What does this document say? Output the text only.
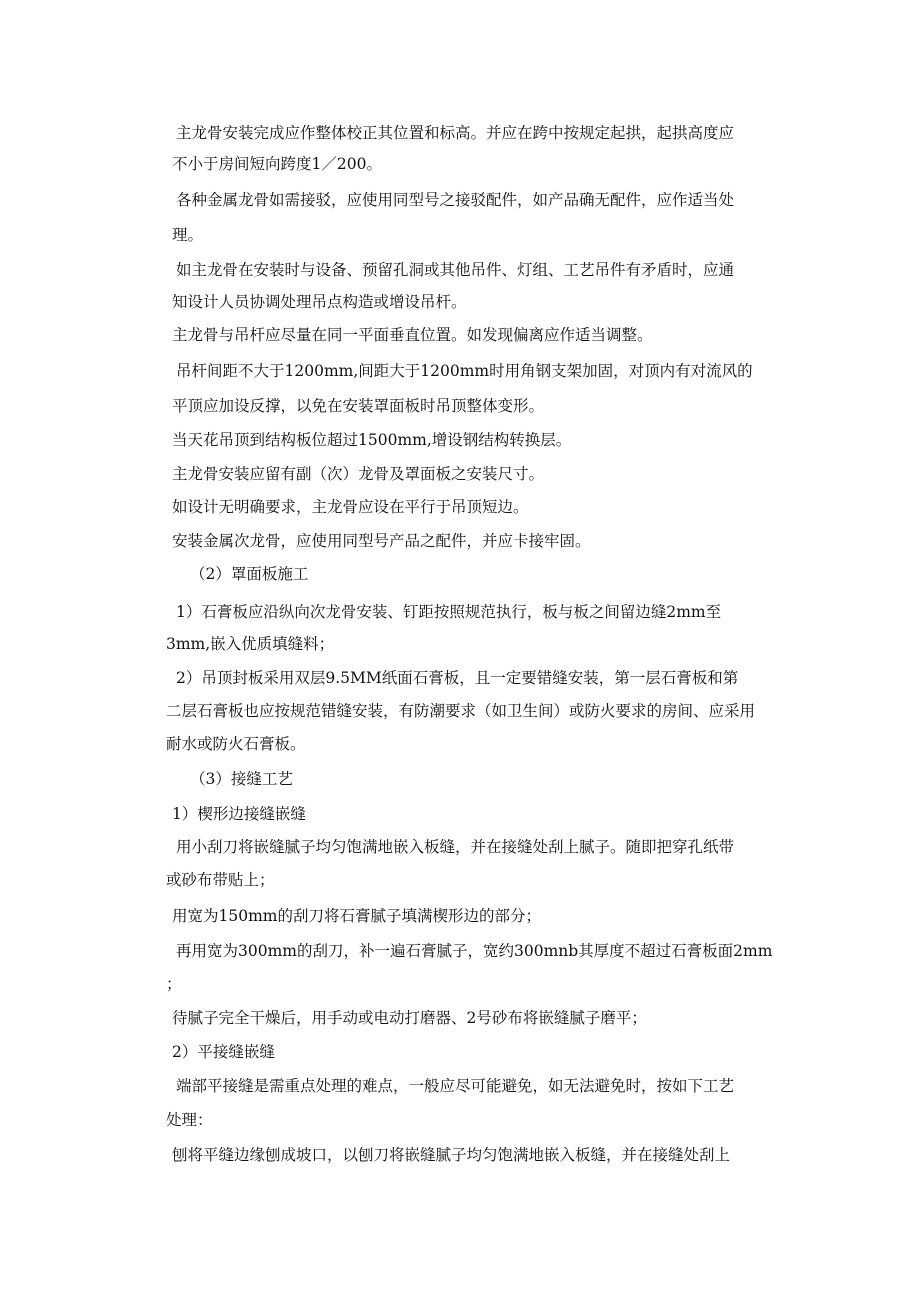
主龙骨安装完成应作整体校正其位置和标高。并应在跨中按规定起拱，起拱高度应
不小于房间短向跨度1／200。
各种金属龙骨如需接驳，应使用同型号之接驳配件，如产品确无配件，应作适当处
理。
如主龙骨在安装时与设备、预留孔洞或其他吊件、灯组、工艺吊件有矛盾时，应通
知设计人员协调处理吊点构造或增设吊杆。
主龙骨与吊杆应尽量在同一平面垂直位置。如发现偏离应作适当调整。
吊杆间距不大于1200mm,间距大于1200mm时用角钢支架加固，对顶内有对流风的
平顶应加设反撑，以免在安装罩面板时吊顶整体变形。
当天花吊顶到结构板位超过1500mm,增设钢结构转换层。
主龙骨安装应留有副（次）龙骨及罩面板之安装尺寸。
如设计无明确要求，主龙骨应设在平行于吊顶短边。
安装金属次龙骨，应使用同型号产品之配件，并应卡接牢固。
（2）罩面板施工
1）石膏板应沿纵向次龙骨安装、钉距按照规范执行，板与板之间留边缝2mm至
3mm,嵌入优质填缝料；
2）吊顶封板采用双层9.5MM纸面石膏板，且一定要错缝安装，第一层石膏板和第
二层石膏板也应按规范错缝安装，有防潮要求（如卫生间）或防火要求的房间、应采用
耐水或防火石膏板。
（3）接缝工艺
1）楔形边接缝嵌缝
用小刮刀将嵌缝腻子均匀饱满地嵌入板缝，并在接缝处刮上腻子。随即把穿孔纸带
或砂布带贴上；
用宽为150mm的刮刀将石膏腻子填满楔形边的部分；
再用宽为300mm的刮刀，补一遍石膏腻子，宽约300mnb其厚度不超过石膏板面2mm
；
待腻子完全干燥后，用手动或电动打磨器、2号砂布将嵌缝腻子磨平；
2）平接缝嵌缝
端部平接缝是需重点处理的难点，一般应尽可能避免，如无法避免时，按如下工艺
处理：
刨将平缝边缘刨成坡口，以刨刀将嵌缝腻子均匀饱满地嵌入板缝，并在接缝处刮上
